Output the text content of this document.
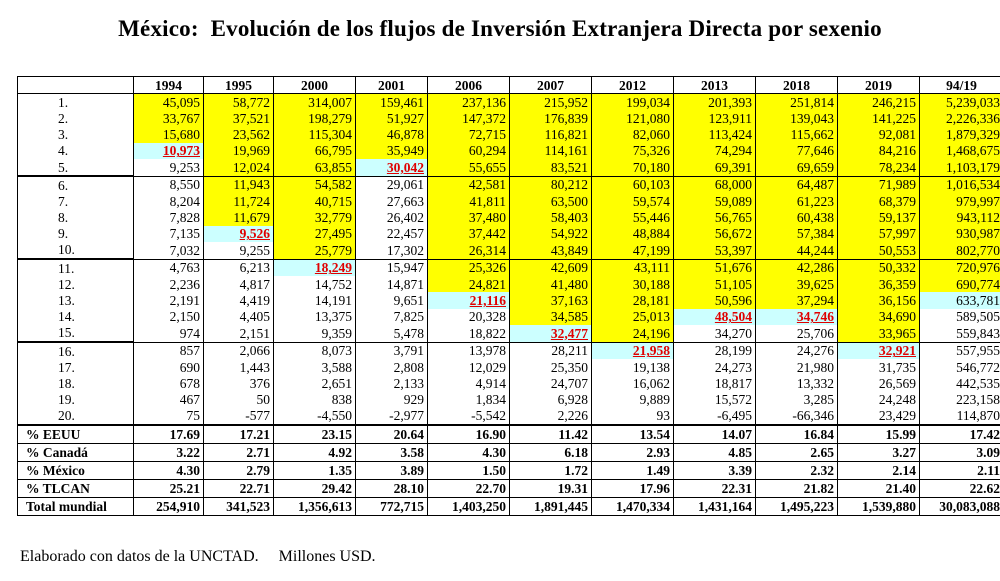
México:  Evolución de los flujos de Inversión Extranjera Directa por sexenio
	1994	1995	2000	2001	2006	2007	2012	2013	2018	2019	94/19
1.	45,095	58,772	314,007	159,461	237,136	215,952	199,034	201,393	251,814	246,215	5,239,033
2.	33,767	37,521	198,279	51,927	147,372	176,839	121,080	123,911	139,043	141,225	2,226,336
3.	15,680	23,562	115,304	46,878	72,715	116,821	82,060	113,424	115,662	92,081	1,879,329
4.	10,973	19,969	66,795	35,949	60,294	114,161	75,326	74,294	77,646	84,216	1,468,675
5.	9,253	12,024	63,855	30,042	55,655	83,521	70,180	69,391	69,659	78,234	1,103,179
6.	8,550	11,943	54,582	29,061	42,581	80,212	60,103	68,000	64,487	71,989	1,016,534
7.	8,204	11,724	40,715	27,663	41,811	63,500	59,574	59,089	61,223	68,379	979,997
8.	7,828	11,679	32,779	26,402	37,480	58,403	55,446	56,765	60,438	59,137	943,112
9.	7,135	9,526	27,495	22,457	37,442	54,922	48,884	56,672	57,384	57,997	930,987
10.	7,032	9,255	25,779	17,302	26,314	43,849	47,199	53,397	44,244	50,553	802,770
11.	4,763	6,213	18,249	15,947	25,326	42,609	43,111	51,676	42,286	50,332	720,976
12.	2,236	4,817	14,752	14,871	24,821	41,480	30,188	51,105	39,625	36,359	690,774
13.	2,191	4,419	14,191	9,651	21,116	37,163	28,181	50,596	37,294	36,156	633,781
14.	2,150	4,405	13,375	7,825	20,328	34,585	25,013	48,504	34,746	34,690	589,505
15.	974	2,151	9,359	5,478	18,822	32,477	24,196	34,270	25,706	33,965	559,843
16.	857	2,066	8,073	3,791	13,978	28,211	21,958	28,199	24,276	32,921	557,955
17.	690	1,443	3,588	2,808	12,029	25,350	19,138	24,273	21,980	31,735	546,772
18.	678	376	2,651	2,133	4,914	24,707	16,062	18,817	13,332	26,569	442,535
19.	467	50	838	929	1,834	6,928	9,889	15,572	3,285	24,248	223,158
20.	75	-577	-4,550	-2,977	-5,542	2,226	93	-6,495	-66,346	23,429	114,870
% EEUU	17.69	17.21	23.15	20.64	16.90	11.42	13.54	14.07	16.84	15.99	17.42
% Canadá	3.22	2.71	4.92	3.58	4.30	6.18	2.93	4.85	2.65	3.27	3.09
% México	4.30	2.79	1.35	3.89	1.50	1.72	1.49	3.39	2.32	2.14	2.11
% TLCAN	25.21	22.71	29.42	28.10	22.70	19.31	17.96	22.31	21.82	21.40	22.62
Total mundial	254,910	341,523	1,356,613	772,715	1,403,250	1,891,445	1,470,334	1,431,164	1,495,223	1,539,880	30,083,088
Elaborado con datos de la UNCTAD.     Millones USD.
